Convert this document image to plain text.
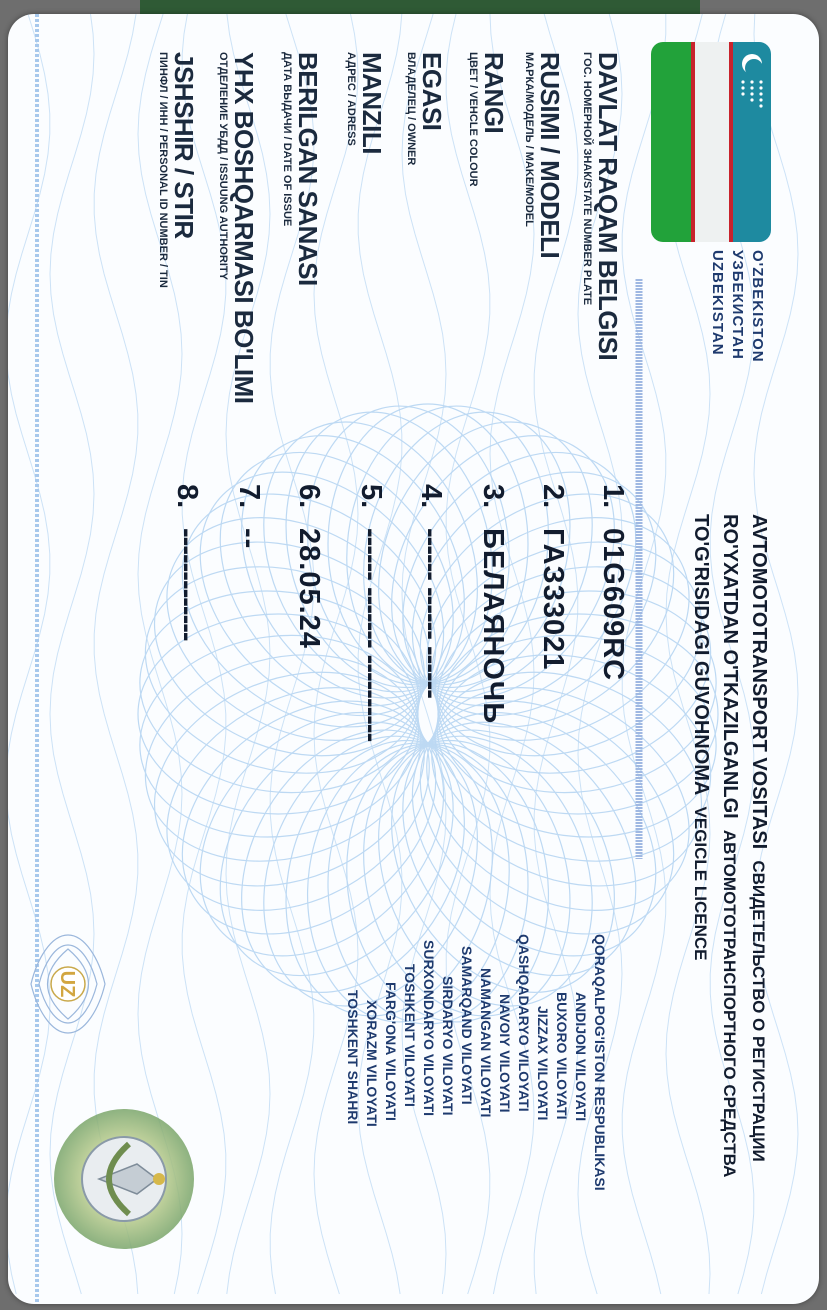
O'ZBEKISTON
УЗБЕКИСТАН
UZBEKISTAN
AVTOMOTOTRANSPORT VOSITASI  СВИДЕТЕЛЬСТВО О РЕГИСТРАЦИИ
RO'YXATDAN O'TKAZILGANLGI  АВТОМОТОТРАНСПОРТНОГО СРЕДСТВА
TO'G'RISIDAGI GUVOHNOMA  VEGICLE LICENCE
DAVLAT RAQAM BELGISI
ГОС. НОМЕРНОЙ ЗНАК/STATE NUMBER PLATE
RUSIMI / MODELI
МАРКА/МОДЕЛЬ / MAKE/MODEL
RANGI
ЦВЕТ / VEHCLE COLOUR
EGASI
ВЛАДЕЛЕЦ / OWNER
MANZILI
АДРЕС / ADRESS
BERILGAN SANASI
ДАТА ВЫДАЧИ / DATE OF ISSUE
YHX BOSHQARMASI BO'LIMI
ОТДЕЛЕНИЕ УБДД / ISSUUNG AUTHORITY
JSHSHIR / STIR
ПИНФЛ / ИНН / PERSONAL ID NUMBER / TIN
1.
2.
3.
4.
5.
6.
7.
8.
01G609RC
ГАЗ33021
БЕЛАЯНОЧЬ
------ ------ ------
------ ------- ----------
28.05.24
--
-------------
QORAQALPOG'ISTON RESPUBLIKASI
ANDIJON VILOYATI
BUXORO VILOYATI
JIZZAX VILOYATI
QASHQADARYO VILOYATI
NAVOIY VILOYATI
NAMANGAN VILOYATI
SAMARQAND VILOYATI
SIRDARYO VILOYATI
SURXONDARYO VILOYATI
TOSHKENT VILOYATI
FARG'ONA VILOYATI
XORAZM VILOYATI
TOSHKENT SHAHRI
UZ
